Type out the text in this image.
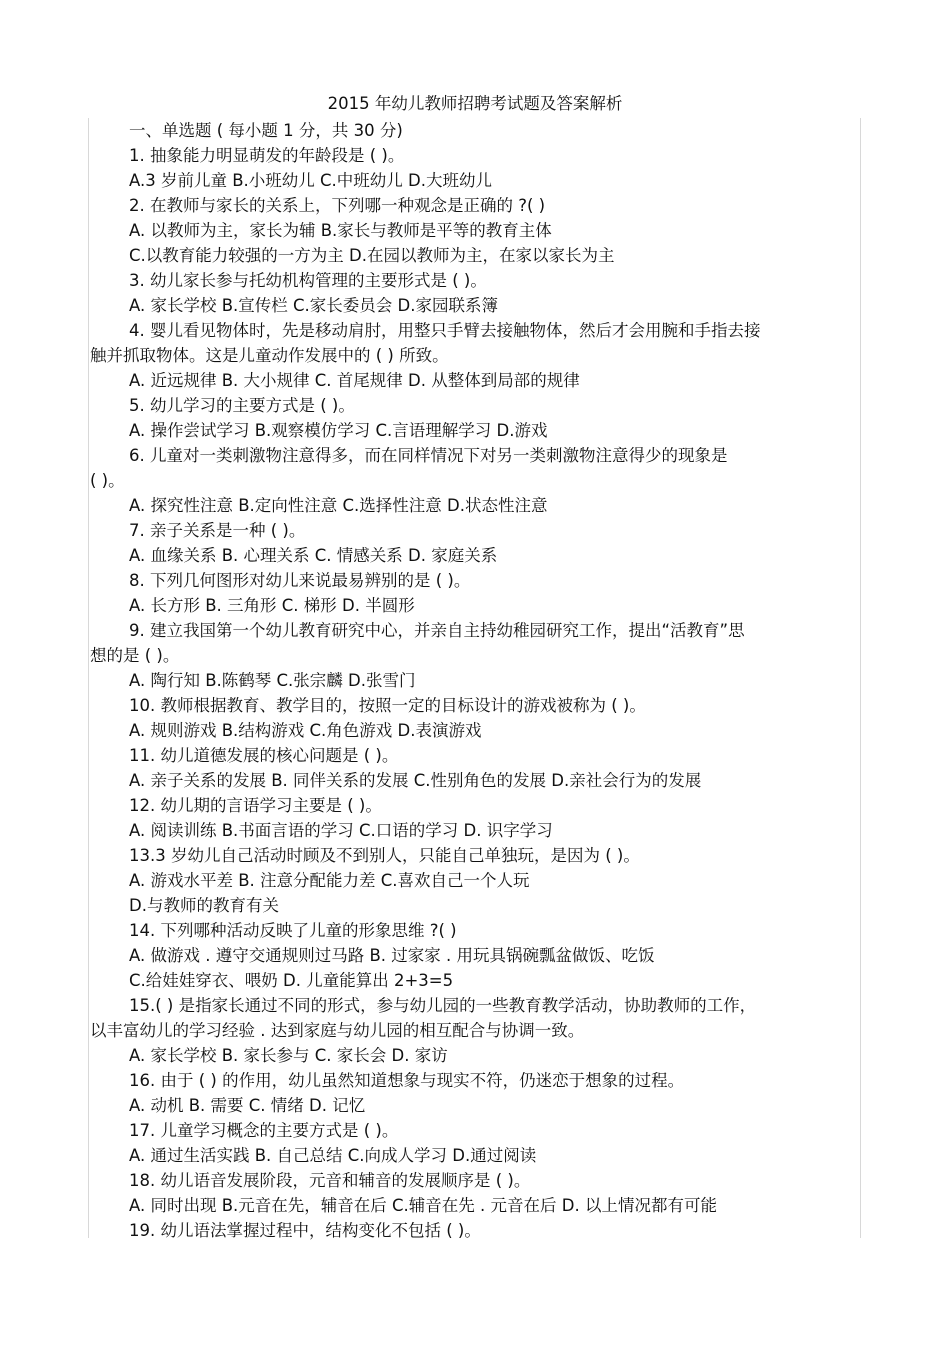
2015 年幼儿教师招聘考试题及答案解析
一、单选题 ( 每小题 1 分，共 30 分)
1. 抽象能力明显萌发的年龄段是 ( )。
A.3 岁前儿童 B.小班幼儿 C.中班幼儿 D.大班幼儿
2. 在教师与家长的关系上，下列哪一种观念是正确的 ?( )
A. 以教师为主，家长为辅 B.家长与教师是平等的教育主体
C.以教育能力较强的一方为主 D.在园以教师为主，在家以家长为主
3. 幼儿家长参与托幼机构管理的主要形式是 ( )。
A. 家长学校 B.宣传栏 C.家长委员会 D.家园联系簿
4. 婴儿看见物体时，先是移动肩肘，用整只手臂去接触物体，然后才会用腕和手指去接
触并抓取物体。这是儿童动作发展中的 ( ) 所致。
A. 近远规律 B. 大小规律 C. 首尾规律 D. 从整体到局部的规律
5. 幼儿学习的主要方式是 ( )。
A. 操作尝试学习 B.观察模仿学习 C.言语理解学习 D.游戏
6. 儿童对一类刺激物注意得多，而在同样情况下对另一类刺激物注意得少的现象是
( )。
A. 探究性注意 B.定向性注意 C.选择性注意 D.状态性注意
7. 亲子关系是一种 ( )。
A. 血缘关系 B. 心理关系 C. 情感关系 D. 家庭关系
8. 下列几何图形对幼儿来说最易辨别的是 ( )。
A. 长方形 B. 三角形 C. 梯形 D. 半圆形
9. 建立我国第一个幼儿教育研究中心，并亲自主持幼稚园研究工作，提出“活教育”思
想的是 ( )。
A. 陶行知 B.陈鹤琴 C.张宗麟 D.张雪门
10. 教师根据教育、教学目的，按照一定的目标设计的游戏被称为 ( )。
A. 规则游戏 B.结构游戏 C.角色游戏 D.表演游戏
11. 幼儿道德发展的核心问题是 ( )。
A. 亲子关系的发展 B. 同伴关系的发展 C.性别角色的发展 D.亲社会行为的发展
12. 幼儿期的言语学习主要是 ( )。
A. 阅读训练 B.书面言语的学习 C.口语的学习 D. 识字学习
13.3 岁幼儿自己活动时顾及不到别人，只能自己单独玩，是因为 ( )。
A. 游戏水平差 B. 注意分配能力差 C.喜欢自己一个人玩
D.与教师的教育有关
14. 下列哪种活动反映了儿童的形象思维 ?( )
A. 做游戏 . 遵守交通规则过马路 B. 过家家 . 用玩具锅碗瓢盆做饭、吃饭
C.给娃娃穿衣、喂奶 D. 儿童能算出 2+3=5
15.( ) 是指家长通过不同的形式，参与幼儿园的一些教育教学活动，协助教师的工作，
以丰富幼儿的学习经验 . 达到家庭与幼儿园的相互配合与协调一致。
A. 家长学校 B. 家长参与 C. 家长会 D. 家访
16. 由于 ( ) 的作用，幼儿虽然知道想象与现实不符，仍迷恋于想象的过程。
A. 动机 B. 需要 C. 情绪 D. 记忆
17. 儿童学习概念的主要方式是 ( )。
A. 通过生活实践 B. 自己总结 C.向成人学习 D.通过阅读
18. 幼儿语音发展阶段，元音和辅音的发展顺序是 ( )。
A. 同时出现 B.元音在先，辅音在后 C.辅音在先 . 元音在后 D. 以上情况都有可能
19. 幼儿语法掌握过程中，结构变化不包括 ( )。
